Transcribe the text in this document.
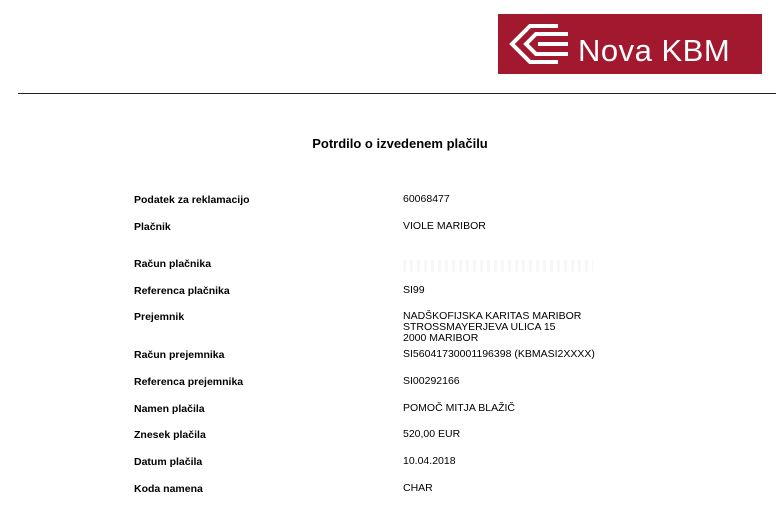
Nova KBM
Potrdilo o izvedenem plačilu
Podatek za reklamacijo	60068477
Plačnik	VIOLE MARIBOR
Račun plačnika
Referenca plačnika	SI99
Prejemnik	NADŠKOFIJSKA KARITAS MARIBOR
STROSSMAYERJEVA ULICA 15
2000 MARIBOR
Račun prejemnika	SI56041730001196398 (KBMASI2XXXX)
Referenca prejemnika	SI00292166
Namen plačila	POMOČ MITJA BLAŽIČ
Znesek plačila	520,00 EUR
Datum plačila	10.04.2018
Koda namena	CHAR
